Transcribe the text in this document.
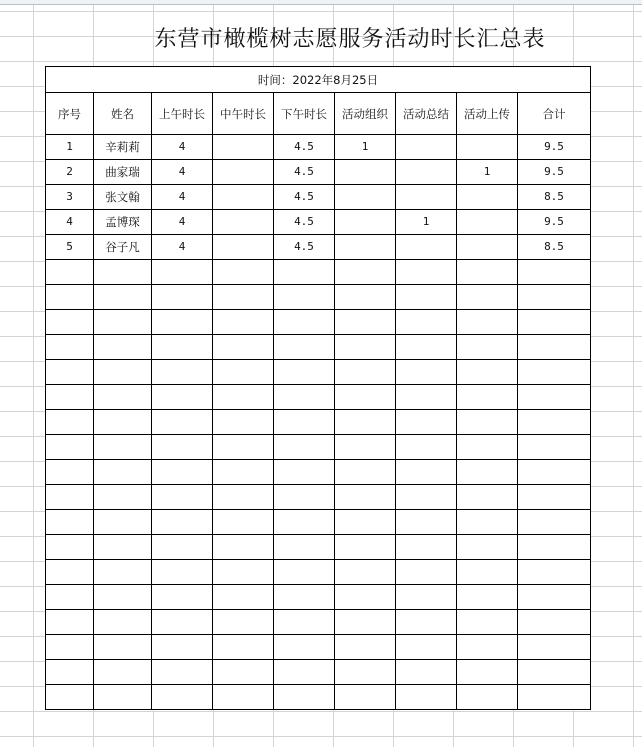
东营市橄榄树志愿服务活动时长汇总表
时间：2022年8月25日								
序号	姓名	上午时长	中午时长	下午时长	活动组织	活动总结	活动上传	合计
1	辛莉莉	4		4.5	1			9.5
2	曲家瑞	4		4.5			1	9.5
3	张文翰	4		4.5				8.5
4	孟博琛	4		4.5		1		9.5
5	谷子凡	4		4.5				8.5
